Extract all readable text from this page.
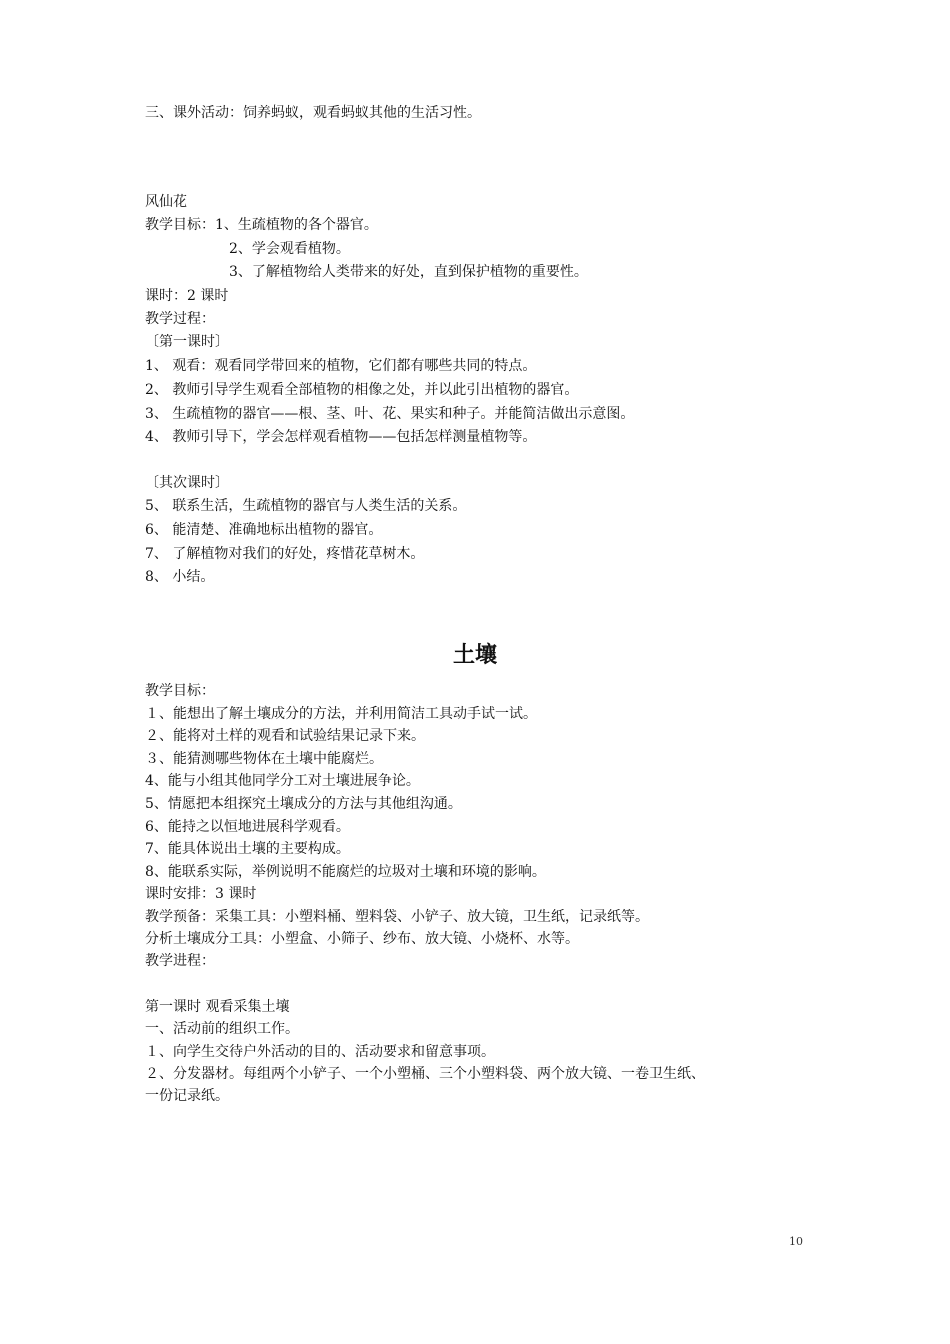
三、课外活动：饲养蚂蚁，观看蚂蚁其他的生活习性。
风仙花
教学目标：1、生疏植物的各个器官。
2、学会观看植物。
3、了解植物给人类带来的好处，直到保护植物的重要性。
课时：2 课时
教学过程：
〔第一课时〕
1、 观看：观看同学带回来的植物，它们都有哪些共同的特点。
2、 教师引导学生观看全部植物的相像之处，并以此引出植物的器官。
3、 生疏植物的器官——根、茎、叶、花、果实和种子。并能简洁做出示意图。
4、 教师引导下，学会怎样观看植物——包括怎样测量植物等。
〔其次课时〕
5、 联系生活，生疏植物的器官与人类生活的关系。
6、 能清楚、准确地标出植物的器官。
7、 了解植物对我们的好处，疼惜花草树木。
8、 小结。
土壤
教学目标：
１、能想出了解土壤成分的方法，并利用简洁工具动手试一试。
２、能将对土样的观看和试验结果记录下来。
３、能猜测哪些物体在土壤中能腐烂。
4、能与小组其他同学分工对土壤进展争论。
5、情愿把本组探究土壤成分的方法与其他组沟通。
6、能持之以恒地进展科学观看。
7、能具体说出土壤的主要构成。
8、能联系实际，举例说明不能腐烂的垃圾对土壤和环境的影响。
课时安排：3 课时
教学预备：采集工具：小塑料桶、塑料袋、小铲子、放大镜，卫生纸，记录纸等。
分析土壤成分工具：小塑盒、小筛子、纱布、放大镜、小烧杯、水等。
教学进程：
第一课时 观看采集土壤
一、活动前的组织工作。
１、向学生交待户外活动的目的、活动要求和留意事项。
２、分发器材。每组两个小铲子、一个小塑桶、三个小塑料袋、两个放大镜、一卷卫生纸、
一份记录纸。
10
